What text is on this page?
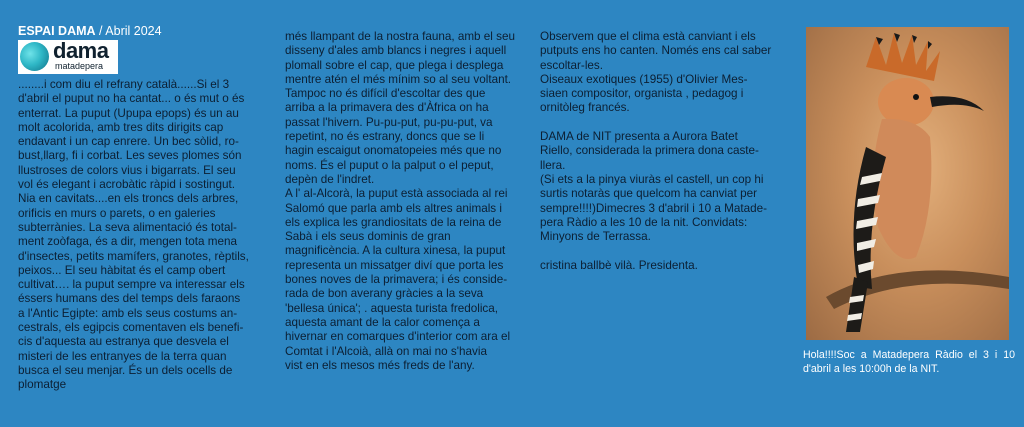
ESPAI DAMA / Abril 2024
dama
matadepera

........i com diu el refrany català......Si el 3
d'abril el puput no ha cantat... o és mut o és
enterrat. La puput (Upupa epops) és un au
molt acolorida, amb tres dits dirigits cap
endavant i un cap enrere. Un bec sòlid, ro-
bust,llarg, fi i corbat. Les seves plomes són
llustroses de colors vius i bigarrats. El seu
vol és elegant i acrobàtic ràpid i sostingut.
Nia en cavitats....en els troncs dels arbres,
orificis en murs o parets, o en galeries
subterrànies. La seva alimentació és total-
ment zoòfaga, és a dir, mengen tota mena
d'insectes, petits mamífers, granotes, rèptils,
peixos... El seu hàbitat és el camp obert
cultivat…. la puput sempre va interessar els
éssers humans des del temps dels faraons
a l'Antic Egipte: amb els seus costums an-
cestrals, els egipcis comentaven els benefi-
cis d'aquesta au estranya que desvela el
misteri de les entranyes de la terra quan
busca el seu menjar. És un dels ocells de
plomatge

més llampant de la nostra fauna, amb el seu
disseny d'ales amb blancs i negres i aquell
plomall sobre el cap, que plega i desplega
mentre atén el més mínim so al seu voltant.
Tampoc no és difícil d'escoltar des que
arriba a la primavera des d'Àfrica on ha
passat l'hivern. Pu-pu-put, pu-pu-put, va
repetint, no és estrany, doncs que se li
hagin escaigut onomatopeies més que no
noms. És el puput o la palput o el peput,
depèn de l'indret.
A l' al-Alcorà, la puput està associada al rei
Salomó que parla amb els altres animals i
els explica les grandiositats de la reina de
Sabà i els seus dominis de gran
magnificència. A la cultura xinesa, la puput
representa un missatger diví que porta les
bones noves de la primavera; i és conside-
rada de bon averany gràcies a la seva
'bellesa única'; . aquesta turista fredolica,
aquesta amant de la calor comença a
hivernar en comarques d'interior com ara el
Comtat i l'Alcoià, allà on mai no s'havia
vist en els mesos més freds de l'any.

Observem que el clima està canviant i els
putputs ens ho canten. Només ens cal saber
escoltar-les.
Oiseaux exotiques (1955) d'Olivier Mes-
siaen compositor, organista , pedagog i
ornitòleg francés.

DAMA de NIT presenta a Aurora Batet
Riello, considerada la primera dona caste-
llera.
(Si ets a la pinya viuràs el castell, un cop hi
surtis notaràs que quelcom ha canviat per
sempre!!!!)Dimecres 3 d'abril i 10 a Matade-
pera Ràdio a les 10 de la nit. Convidats:
Minyons de Terrassa.

cristina ballbè vilà. Presidenta.

Hola!!!!Soc a Matadepera Ràdio el 3 i 10 d'abril a les 10:00h de la NIT.
